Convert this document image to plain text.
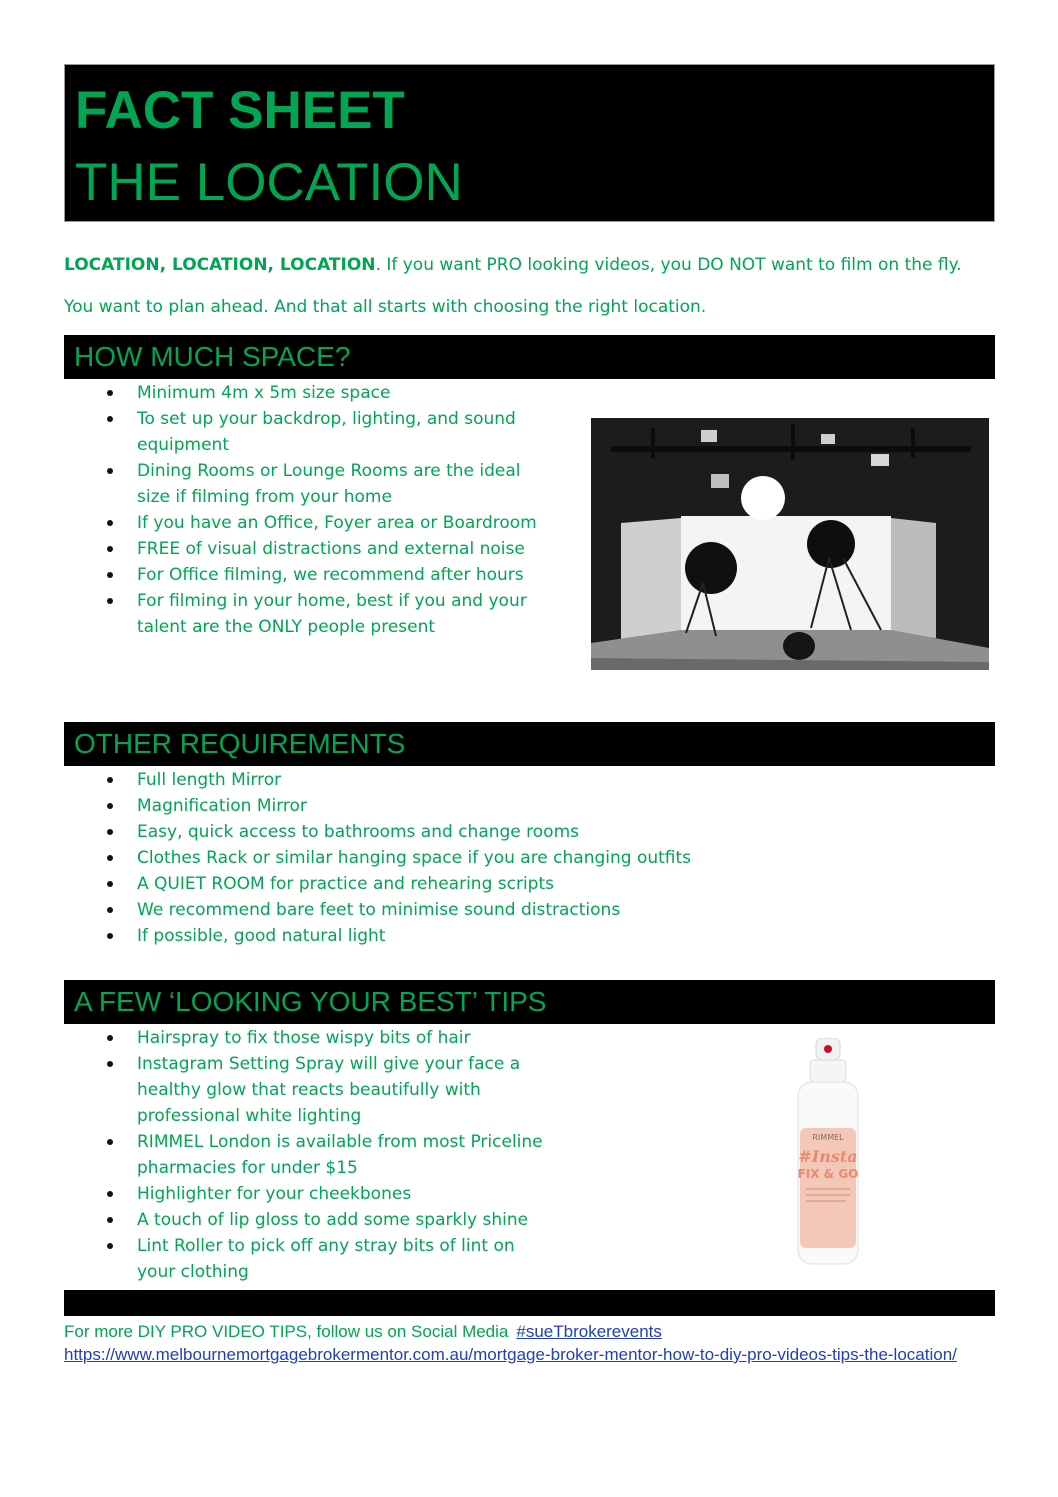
FACT SHEET
THE LOCATION
LOCATION, LOCATION, LOCATION. If you want PRO looking videos, you DO NOT want to film on the fly.
You want to plan ahead. And that all starts with choosing the right location.
HOW MUCH SPACE?
Minimum 4m x 5m size space
To set up your backdrop, lighting, and sound equipment
Dining Rooms or Lounge Rooms are the ideal size if filming from your home
If you have an Office, Foyer area or Boardroom
FREE of visual distractions and external noise
For Office filming, we recommend after hours
For filming in your home, best if you and your talent are the ONLY people present
OTHER REQUIREMENTS
Full length Mirror
Magnification Mirror
Easy, quick access to bathrooms and change rooms
Clothes Rack or similar hanging space if you are changing outfits
A QUIET ROOM for practice and rehearing scripts
We recommend bare feet to minimise sound distractions
If possible, good natural light
A FEW ‘LOOKING YOUR BEST’ TIPS
Hairspray to fix those wispy bits of hair
Instagram Setting Spray will give your face a healthy glow that reacts beautifully with professional white lighting
RIMMEL London is available from most Priceline pharmacies for under $15
Highlighter for your cheekbones
A touch of lip gloss to add some sparkly shine
Lint Roller to pick off any stray bits of lint on your clothing
RIMMEL
#Insta
FIX & GO
For more DIY PRO VIDEO TIPS, follow us on Social Media #sueTbrokerevents
https://www.melbournemortgagebrokermentor.com.au/mortgage-broker-mentor-how-to-diy-pro-videos-tips-the-location/
